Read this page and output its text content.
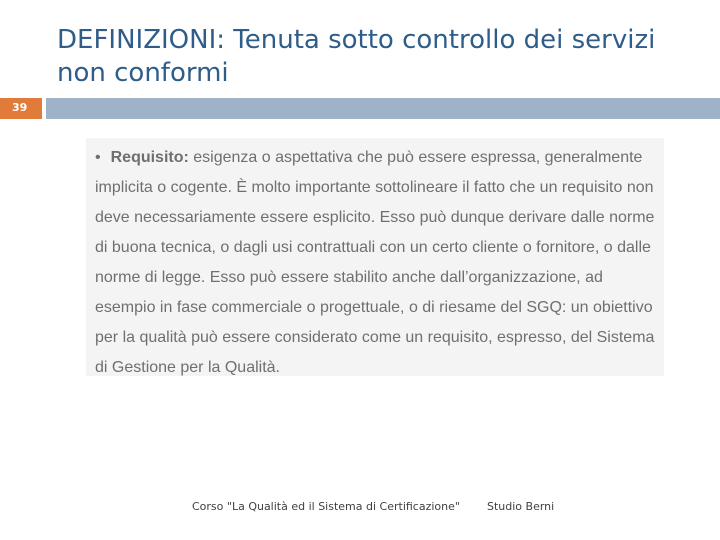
DEFINIZIONI: Tenuta sotto controllo dei servizi non conformi
39

• Requisito: esigenza o aspettativa che può essere espressa, generalmente implicita o cogente. È molto importante sottolineare il fatto che un requisito non deve necessariamente essere esplicito. Esso può dunque derivare dalle norme di buona tecnica, o dagli usi contrattuali con un certo cliente o fornitore, o dalle norme di legge. Esso può essere stabilito anche dall’organizzazione, ad esempio in fase commerciale o progettuale, o di riesame del SGQ: un obiettivo per la qualità può essere considerato come un requisito, espresso, del Sistema di Gestione per la Qualità.

Corso "La Qualità ed il Sistema di Certificazione" Studio Berni
